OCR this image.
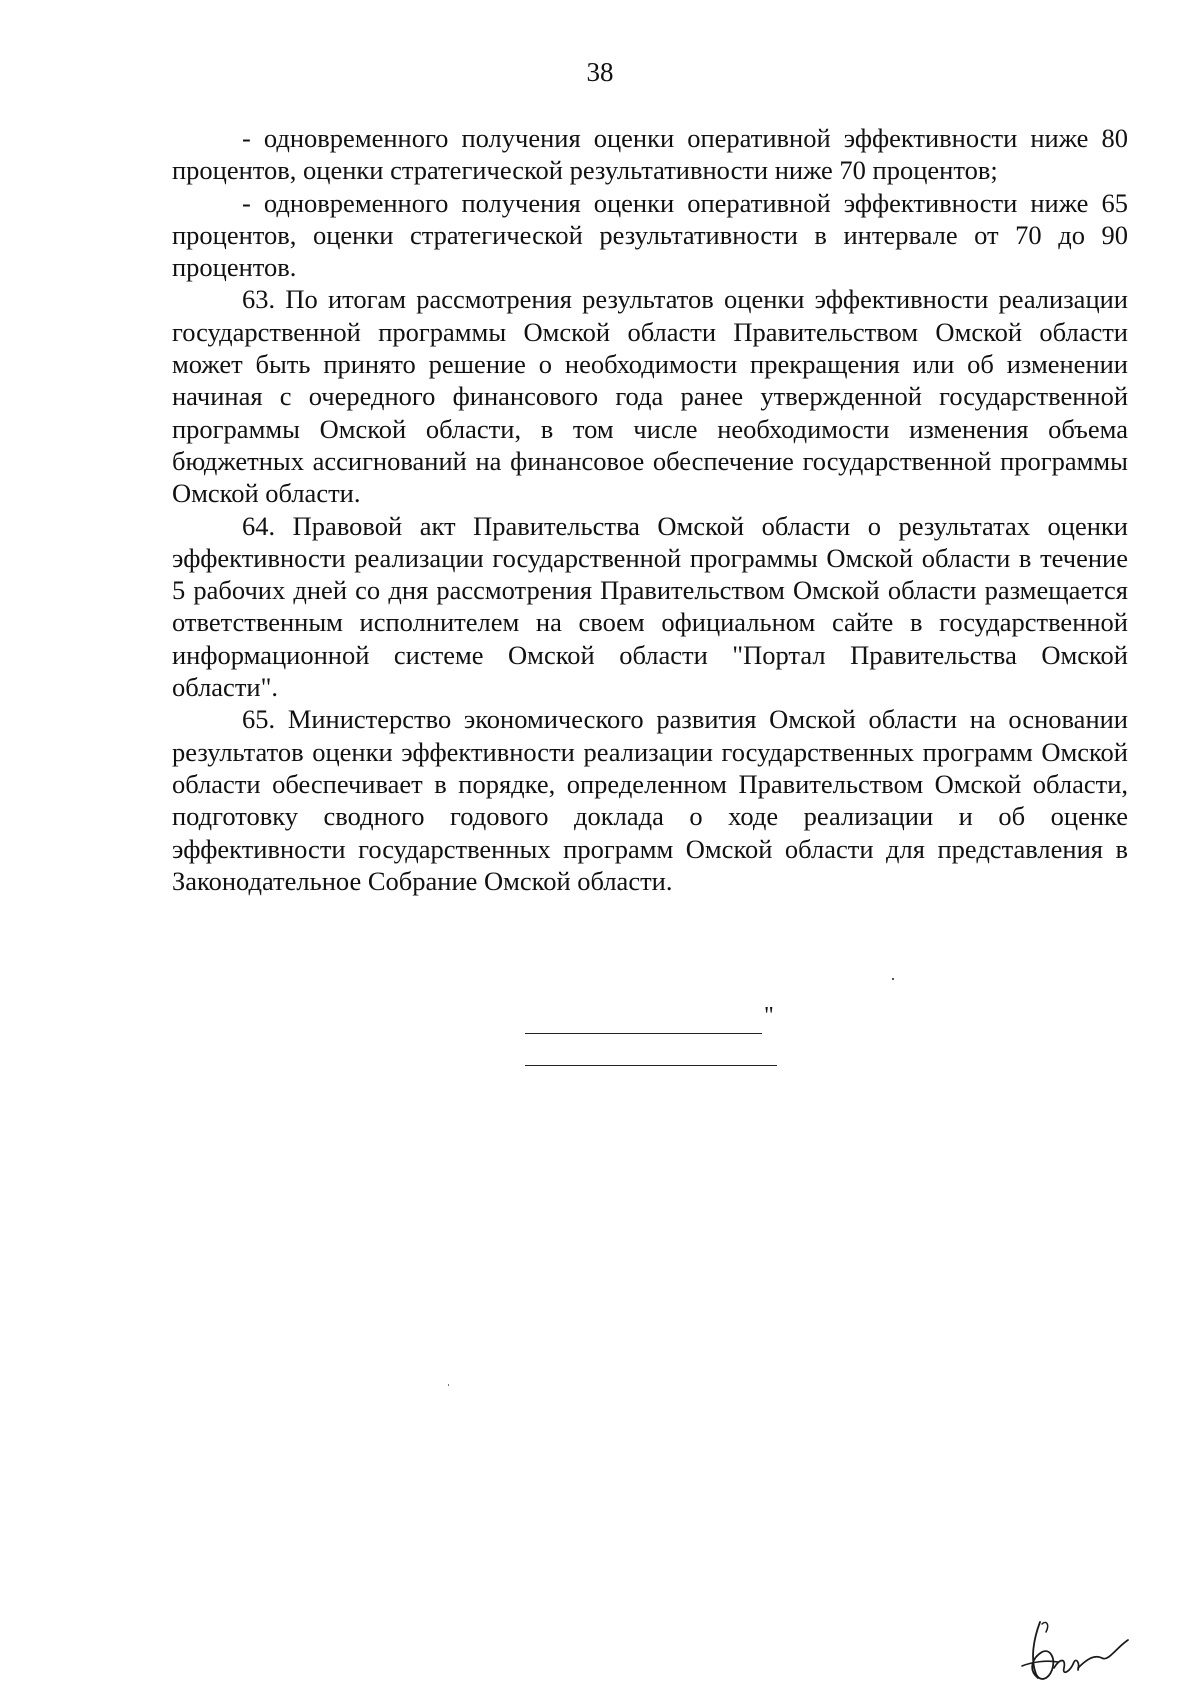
38

- одновременного получения оценки оперативной эффективности ниже 80 процентов, оценки стратегической результативности ниже 70 процентов;

- одновременного получения оценки оперативной эффективности ниже 65 процентов, оценки стратегической результативности в интервале от 70 до 90 процентов.

63. По итогам рассмотрения результатов оценки эффективности реализации государственной программы Омской области Правительством Омской области может быть принято решение о необходимости прекращения или об изменении начиная с очередного финансового года ранее утвержденной государственной программы Омской области, в том числе необходимости изменения объема бюджетных ассигнований на финансовое обеспечение государственной программы Омской области.

64. Правовой акт Правительства Омской области о результатах оценки эффективности реализации государственной программы Омской области в течение 5 рабочих дней со дня рассмотрения Правительством Омской области размещается ответственным исполнителем на своем официальном сайте в государственной информационной системе Омской области "Портал Правительства Омской области".

65. Министерство экономического развития Омской области на основании результатов оценки эффективности реализации государственных программ Омской области обеспечивает в порядке, определенном Правительством Омской области, подготовку сводного годового доклада о ходе реализации и об оценке эффективности государственных программ Омской области для представления в Законодательное Собрание Омской области.

"
